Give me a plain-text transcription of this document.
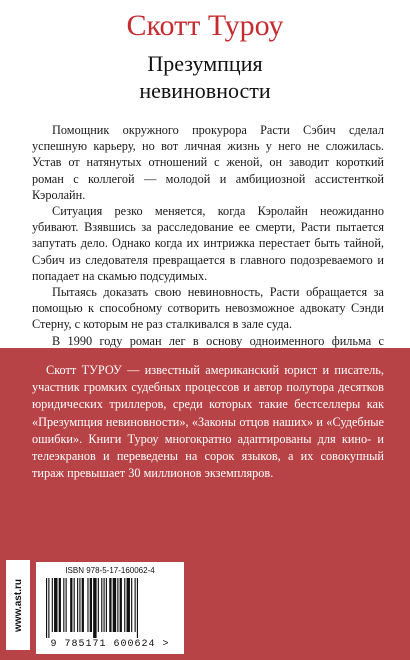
Скотт Туроу
Презумпция
невиновности

Помощник окружного прокурора Расти Сэбич сделал успешную карьеру, но вот личная жизнь у него не сложилась. Устав от натянутых отношений с женой, он заводит короткий роман с коллегой — молодой и амбициозной ассистенткой Кэролайн.

Ситуация резко меняется, когда Кэролайн неожиданно убивают. Взявшись за расследование ее смерти, Расти пытается запутать дело. Однако когда их интрижка перестает быть тайной, Сэбич из следователя превращается в главного подозреваемого и попадает на скамью подсудимых.

Пытаясь доказать свою невиновность, Расти обращается за помощью к способному сотворить невозможное адвокату Сэнди Стерну, с которым не раз сталкивался в зале суда.

В 1990 году роман лег в основу одноименного фильма с

Скотт ТУРОУ — известный американский юрист и писатель, участник громких судебных процессов и автор полутора десятков юридических триллеров, среди которых такие бестселлеры как «Презумпция невиновности», «Законы отцов наших» и «Судебные ошибки». Книги Туроу многократно адаптированы для кино- и телеэкранов и переведены на сорок языков, а их совокупный тираж превышает 30 миллионов экземпляров.
www.ast.ru
ISBN 978-5-17-160062-4
9 785171 600624 >
